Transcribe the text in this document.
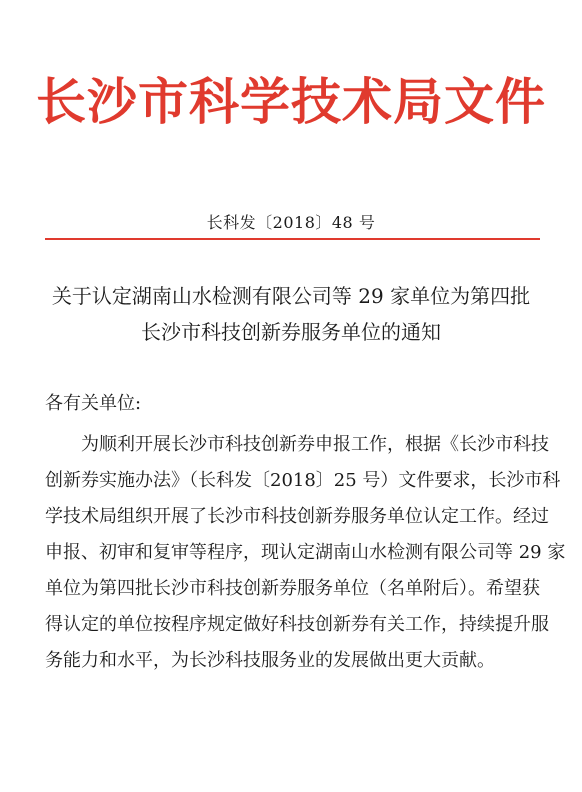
长沙市科学技术局文件
长科发〔2018〕48 号
关于认定湖南山水检测有限公司等 29 家单位为第四批
长沙市科技创新券服务单位的通知
各有关单位:
为顺利开展长沙市科技创新券申报工作，根据《长沙市科技
创新券实施办法》（长科发〔2018〕25 号）文件要求，长沙市科
学技术局组织开展了长沙市科技创新券服务单位认定工作。经过
申报、初审和复审等程序，现认定湖南山水检测有限公司等 29 家
单位为第四批长沙市科技创新券服务单位（名单附后）。希望获
得认定的单位按程序规定做好科技创新券有关工作，持续提升服
务能力和水平，为长沙科技服务业的发展做出更大贡献。
